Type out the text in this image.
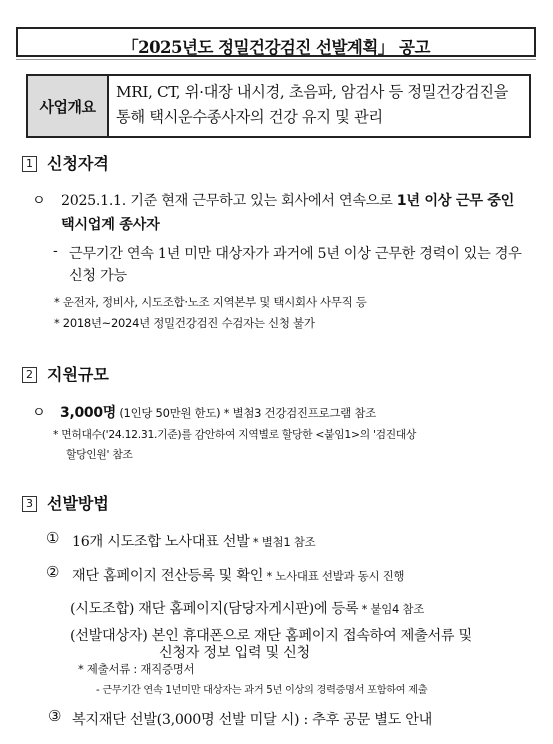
「2025년도 정밀건강검진 선발계획」 공고
사업개요
MRI, CT, 위·대장 내시경, 초음파, 암검사 등 정밀건강검진을 통해 택시운수종사자의 건강 유지 및 관리
1 신청자격
ㅇ 2025.1.1. 기준 현재 근무하고 있는 회사에서 연속으로 1년 이상 근무 중인
택시업계 종사자
- 근무기간 연속 1년 미만 대상자가 과거에 5년 이상 근무한 경력이 있는 경우
신청 가능
* 운전자, 정비사, 시도조합·노조 지역본부 및 택시회사 사무직 등
* 2018년~2024년 정밀건강검진 수검자는 신청 불가
2 지원규모
ㅇ 3,000명 (1인당 50만원 한도) * 별첨3 건강검진프로그램 참조
* 면허대수('24.12.31.기준)를 감안하여 지역별로 할당한 <붙임1>의 '검진대상
할당인원' 참조
3 선발방법
① 16개 시도조합 노사대표 선발 * 별첨1 참조
② 재단 홈페이지 전산등록 및 확인 * 노사대표 선발과 동시 진행
(시도조합) 재단 홈페이지(담당자게시판)에 등록 * 붙임4 참조
(선발대상자) 본인 휴대폰으로 재단 홈페이지 접속하여 제출서류 및
신청자 정보 입력 및 신청
* 제출서류 : 재직증명서
- 근무기간 연속 1년미만 대상자는 과거 5년 이상의 경력증명서 포함하여 제출
③ 복지재단 선발(3,000명 선발 미달 시) : 추후 공문 별도 안내
